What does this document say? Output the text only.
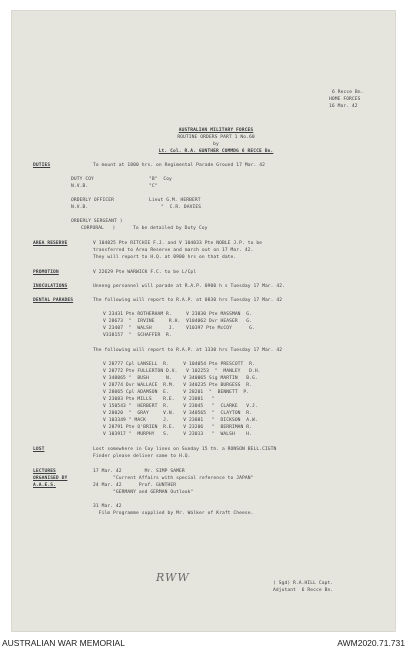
6 Recce Bn.
HOME FORCES
16 Mar. 42
AUSTRALIAN MILITARY FORCES
ROUTINE ORDERS PART 1 No.60
by
Lt. Col. R.A. GUNTHER COMMDG 6 RECCE Bn.
DUTIES	To mount at 1800 hrs. on Regimental Parade Ground 17 Mar. 42
DUTY COY	"B"  Coy
N.V.B.	"C"
ORDERLY OFFICER	Lieut G.M. HERBERT
N.V.B.	"  C.R. DAVIES
ORDERLY SERGEANT )
CORPORAL   )	To be detailed by Duty Coy
AREA RESERVE	V 104025 Pte RITCHIE F.J. and V 104033 Pte NOBLE J.P. to be
transferred to Area Reserve and march out on 17 Mar. 42.
They will report to H.Q. at 0900 hrs on that date.
PROMOTION	V 22629 Pte WARWICK F.C. to be L/Cpl
INOCULATIONS	Unenng personnel will parade at R.A.P. 0900 h s Tuesday 17 Mar. 42.
DENTAL PARADES	The following will report to R.A.P. at 0830 hrs Tuesday 17 Mar. 42
V 23431 Pte ROTHERHAM R.     V 23830 Pte MASSMAN  G.
V 28673  "  IRVINE     R.H.  V104062 Dvr HEASER   G.
V 23407  "  WALSH      J.    V10397 Pte McCOY      G.
V338157  "  SCHAFFER  R.
The following will report to R.A.P. at 1330 hrs Tuesday 17 Mar. 42
V 28777 Cpl LANSELL  R.     V 104054 Pte PRESCOTT  R.
V 28772 Pte FULLERTON D.V.   V 102253  "  MANLEY   D.H.
V 340065 "  BUSH      N.    V 340065 Sig MARTIN   B.G.
V 28774 Dvr WALLACE  R.M.   V 340235 Pte BURGESS  R.
V 28065 Cpl ADAMSON  E.     V 28201  "  BENNETT  P.
V 23083 Pte MILLS    R.E.   V 23081   "
V 150543 "  HERBERT  R.     V 23045   "  CLARKE   V.J.
V 28020  "  GRAY     V.N.   V 340565  "  CLAYTON  R.
V 103349 " MACK      J.     V 23881   "  DICKSON  A.W.
V 28791 Pte O'BRIEN  R.E.   V 23206   "  BERRIMAN R.
V 103917 "  MURPHY   S.     V 23013   "  WALSH    H.
LOST	Lost somewhere in Coy lines on Sunday 15 th. a RONSON BELL.CIGTN
Finder please deliver same to H.Q.
LECTURES
ORGANISED BY
A.A.E.S.
17 Mar. 42        Mr. SIMP SAMER
"Current Affairs with special reference to JAPAN"
24 Mar. 42      Prof. GUNTHER
"GERMANY and GERMAN Outlook"
31 Mar. 42
Film Programme supplied by Mr. Walker of Kraft Cheese.
RWW	( Sgd) R.A.HILL Capt.
Adjutant  6 Recce Bn.
AUSTRALIAN WAR MEMORIAL	AWM2020.71.731
